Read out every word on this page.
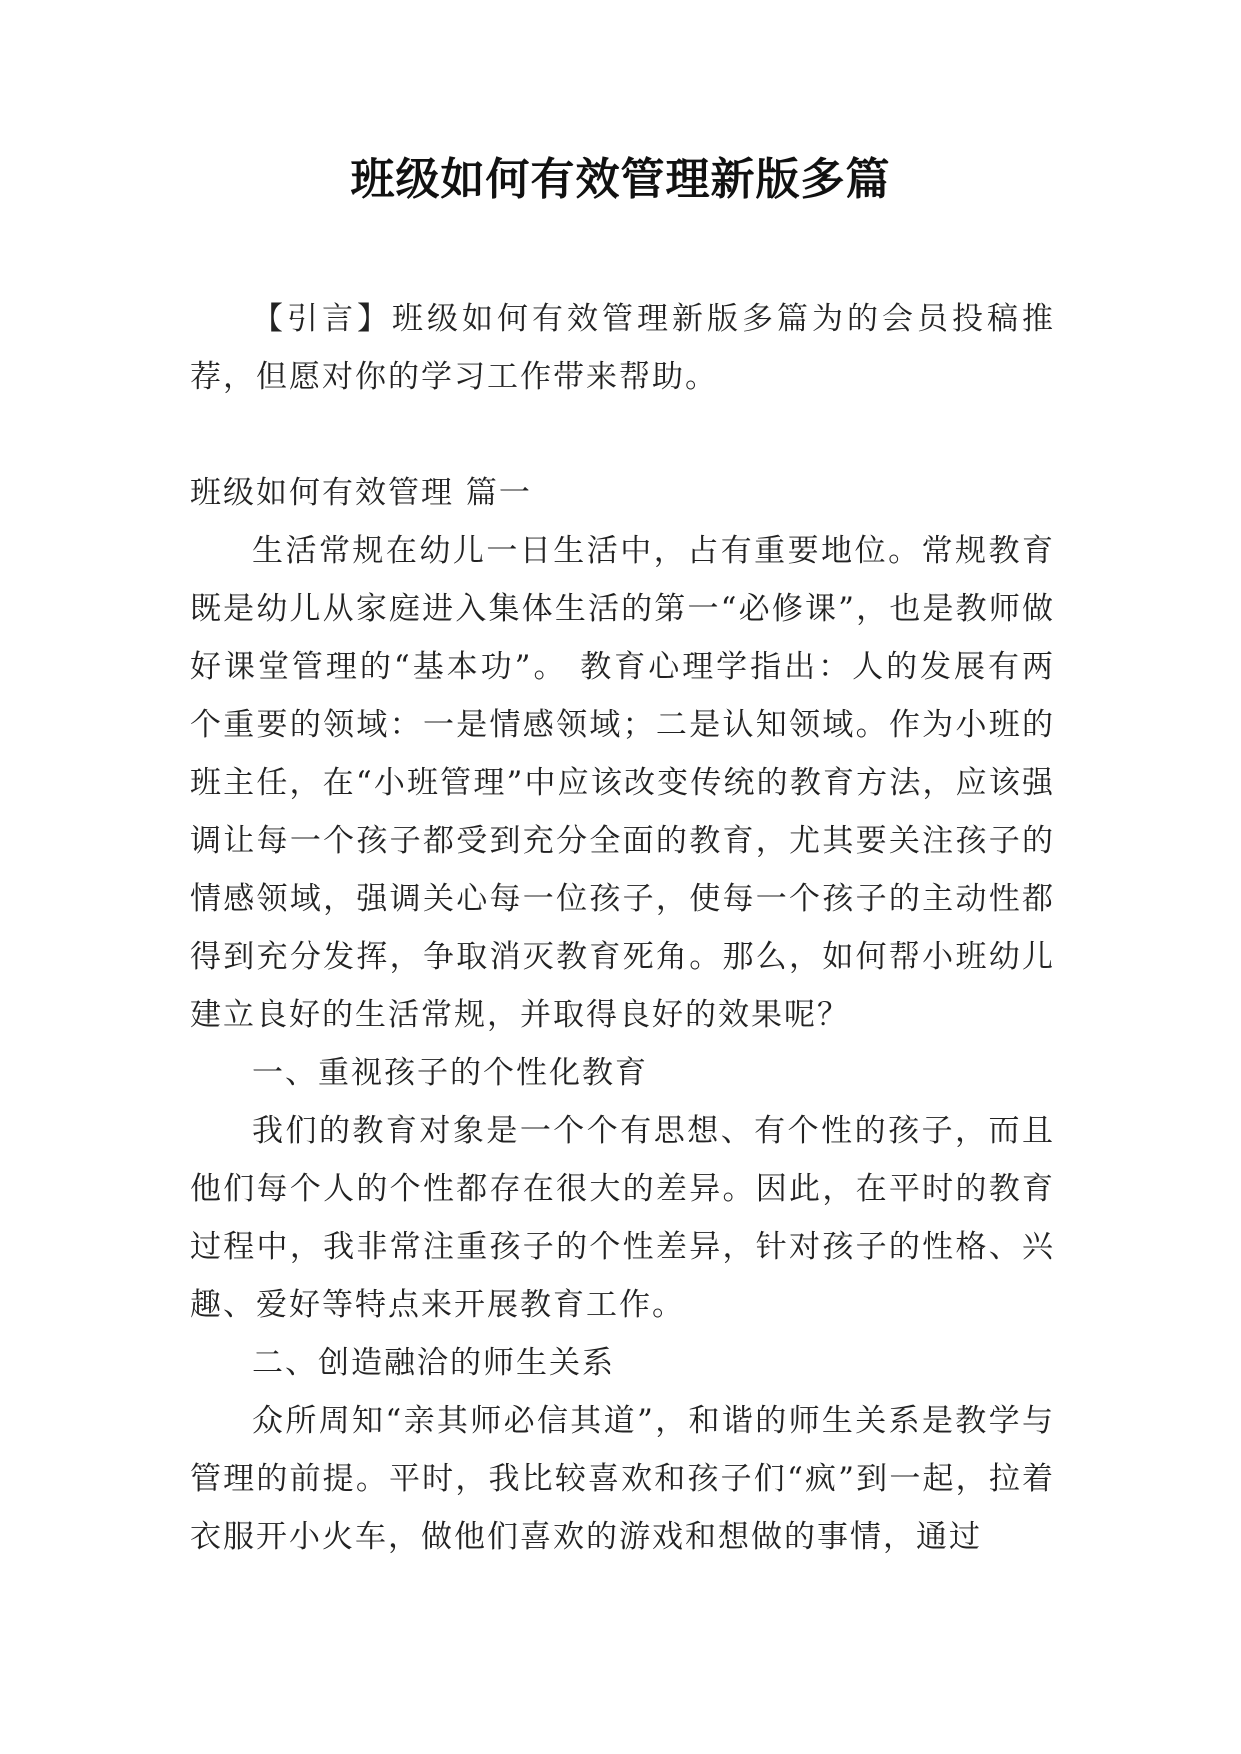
班级如何有效管理新版多篇

【引言】班级如何有效管理新版多篇为的会员投稿推荐，但愿对你的学习工作带来帮助。

班级如何有效管理 篇一

生活常规在幼儿一日生活中，占有重要地位。常规教育既是幼儿从家庭进入集体生活的第一“必修课”，也是教师做好课堂管理的“基本功”。 教育心理学指出：人的发展有两个重要的领域：一是情感领域；二是认知领域。作为小班的班主任，在“小班管理”中应该改变传统的教育方法，应该强调让每一个孩子都受到充分全面的教育，尤其要关注孩子的情感领域，强调关心每一位孩子，使每一个孩子的主动性都得到充分发挥，争取消灭教育死角。那么，如何帮小班幼儿建立良好的生活常规，并取得良好的效果呢？

一、重视孩子的个性化教育

我们的教育对象是一个个有思想、有个性的孩子，而且他们每个人的个性都存在很大的差异。因此，在平时的教育过程中，我非常注重孩子的个性差异，针对孩子的性格、兴趣、爱好等特点来开展教育工作。

二、创造融洽的师生关系

众所周知“亲其师必信其道”，和谐的师生关系是教学与管理的前提。平时，我比较喜欢和孩子们“疯”到一起，拉着衣服开小火车，做他们喜欢的游戏和想做的事情，通过
